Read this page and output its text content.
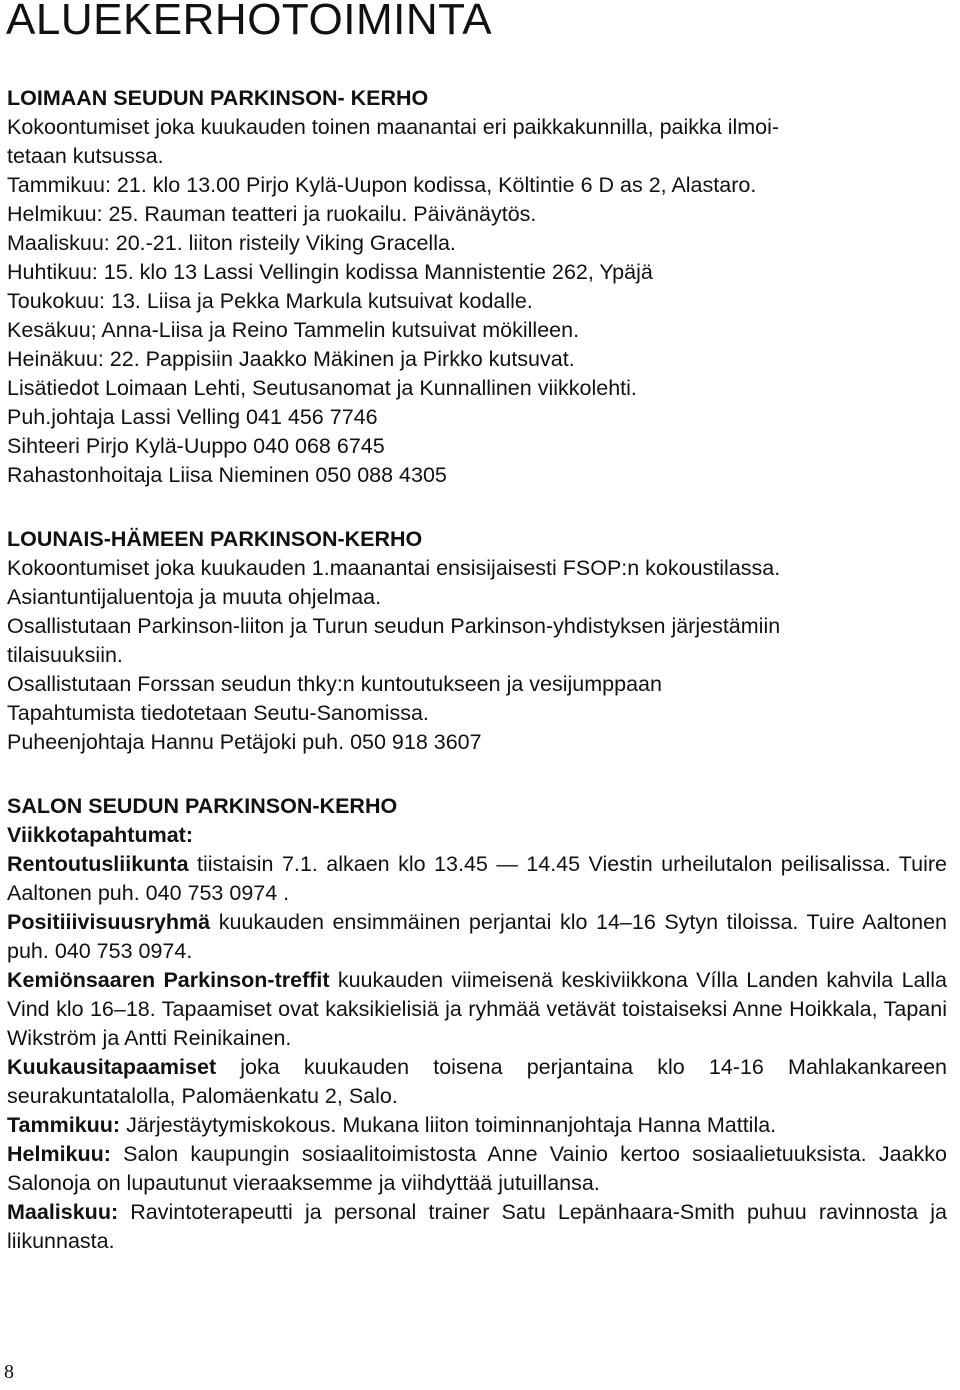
ALUEKERHOTOIMINTA
LOIMAAN SEUDUN PARKINSON- KERHO

Kokoontumiset joka kuukauden toinen maanantai eri paikkakunnilla, paikka ilmoi-

tetaan kutsussa.

Tammikuu: 21. klo 13.00 Pirjo Kylä-Uupon kodissa, Költintie 6 D as 2, Alastaro.

Helmikuu: 25. Rauman teatteri ja ruokailu. Päivänäytös.

Maaliskuu: 20.-21. liiton risteily Viking Gracella.

Huhtikuu: 15. klo 13 Lassi Vellingin kodissa Mannistentie 262, Ypäjä

Toukokuu: 13. Liisa ja Pekka Markula kutsuivat kodalle.

Kesäkuu; Anna-Liisa ja Reino Tammelin kutsuivat mökilleen.

Heinäkuu: 22. Pappisiin Jaakko Mäkinen ja Pirkko kutsuvat.

Lisätiedot Loimaan Lehti, Seutusanomat ja Kunnallinen viikkolehti.

Puh.johtaja Lassi Velling 041 456 7746

Sihteeri Pirjo Kylä-Uuppo 040 068 6745

Rahastonhoitaja Liisa Nieminen 050 088 4305

LOUNAIS-HÄMEEN PARKINSON-KERHO

Kokoontumiset joka kuukauden 1.maanantai ensisijaisesti FSOP:n kokoustilassa.

Asiantuntijaluentoja ja muuta ohjelmaa.

Osallistutaan Parkinson-liiton ja Turun seudun Parkinson-yhdistyksen järjestämiin

tilaisuuksiin.

Osallistutaan Forssan seudun thky:n kuntoutukseen ja vesijumppaan

Tapahtumista tiedotetaan Seutu-Sanomissa.

Puheenjohtaja Hannu Petäjoki puh. 050 918 3607

SALON SEUDUN PARKINSON-KERHO

Viikkotapahtumat:

Rentoutusliikunta tiistaisin 7.1. alkaen klo 13.45 — 14.45 Viestin urheilutalon peilisalissa. Tuire Aaltonen puh. 040 753 0974 .

Positiiivisuusryhmä kuukauden ensimmäinen perjantai klo 14–16 Sytyn tiloissa. Tuire Aaltonen puh. 040 753 0974.

Kemiönsaaren Parkinson-treffit kuukauden viimeisenä keskiviikkona Vílla Landen kahvila Lalla Vind klo 16–18. Tapaamiset ovat kaksikielisiä ja ryhmää vetävät toistaiseksi Anne Hoikkala, Tapani Wikström ja Antti Reinikainen.

Kuukausitapaamiset joka kuukauden toisena perjantaina klo 14-16 Mahlakankareen seurakuntatalolla, Palomäenkatu 2, Salo.

Tammikuu: Järjestäytymiskokous. Mukana liiton toiminnanjohtaja Hanna Mattila.

Helmikuu: Salon kaupungin sosiaalitoimistosta Anne Vainio kertoo sosiaalietuuksista. Jaakko Salonoja on lupautunut vieraaksemme ja viihdyttää jutuillansa.

Maaliskuu: Ravintoterapeutti ja personal trainer Satu Lepänhaara-Smith puhuu ravinnosta ja liikunnasta.

8
